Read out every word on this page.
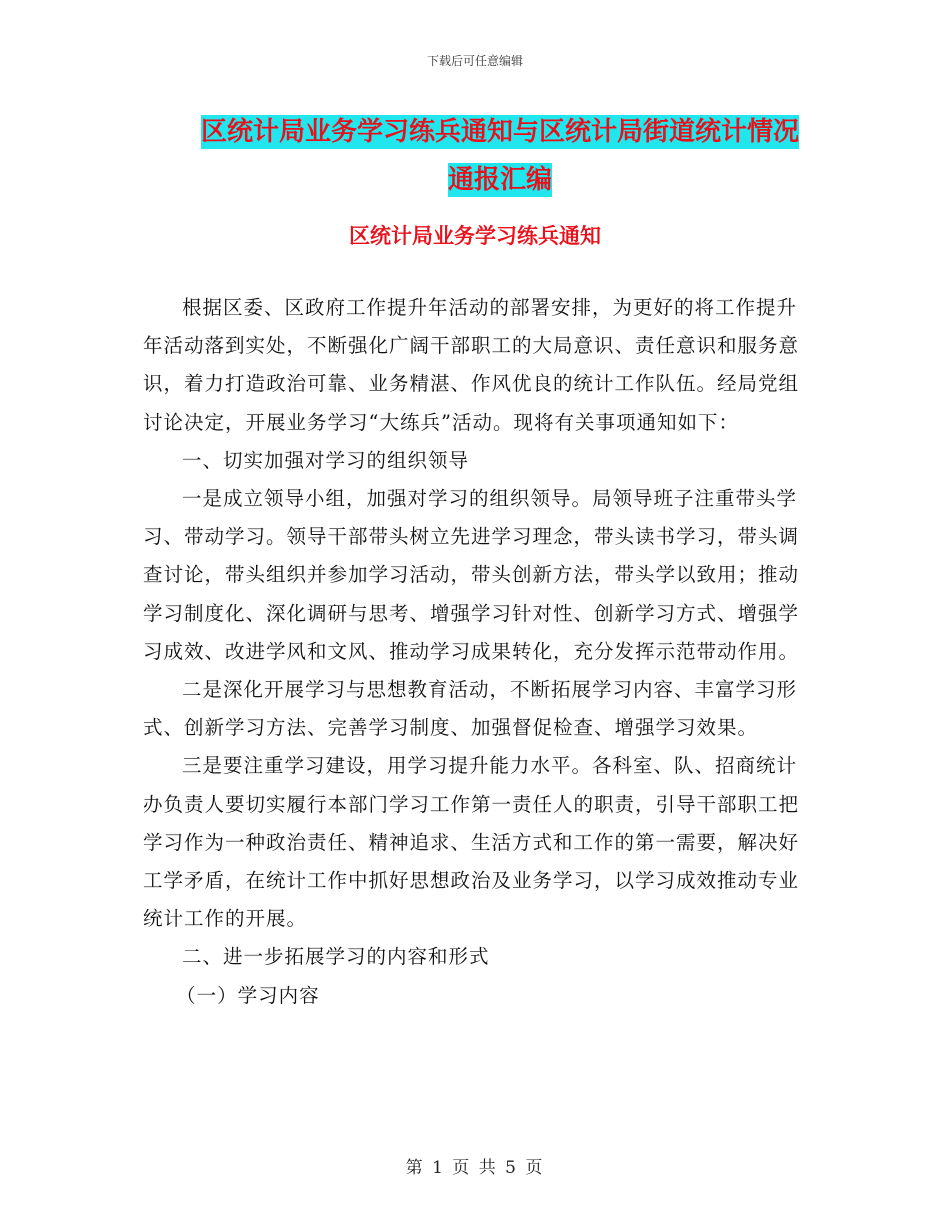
下载后可任意编辑
区统计局业务学习练兵通知与区统计局街道统计情况
通报汇编
区统计局业务学习练兵通知

根据区委、区政府工作提升年活动的部署安排，为更好的将工作提升年活动落到实处，不断强化广阔干部职工的大局意识、责任意识和服务意识，着力打造政治可靠、业务精湛、作风优良的统计工作队伍。经局党组讨论决定，开展业务学习“大练兵”活动。现将有关事项通知如下：

一、切实加强对学习的组织领导

一是成立领导小组，加强对学习的组织领导。局领导班子注重带头学习、带动学习。领导干部带头树立先进学习理念，带头读书学习，带头调查讨论，带头组织并参加学习活动，带头创新方法，带头学以致用；推动学习制度化、深化调研与思考、增强学习针对性、创新学习方式、增强学习成效、改进学风和文风、推动学习成果转化，充分发挥示范带动作用。

二是深化开展学习与思想教育活动，不断拓展学习内容、丰富学习形式、创新学习方法、完善学习制度、加强督促检查、增强学习效果。

三是要注重学习建设，用学习提升能力水平。各科室、队、招商统计办负责人要切实履行本部门学习工作第一责任人的职责，引导干部职工把学习作为一种政治责任、精神追求、生活方式和工作的第一需要，解决好工学矛盾，在统计工作中抓好思想政治及业务学习，以学习成效推动专业统计工作的开展。

二、进一步拓展学习的内容和形式

（一）学习内容

第 1 页 共 5 页
